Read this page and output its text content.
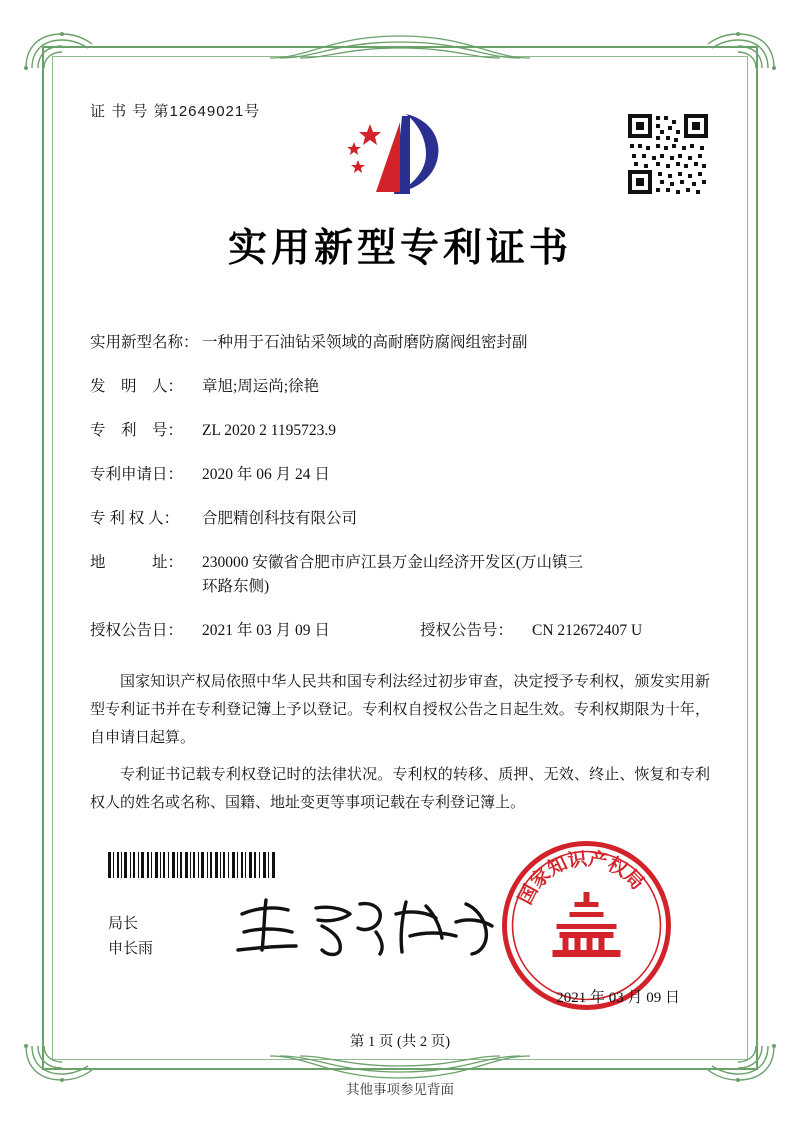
证 书 号 第12649021号
实用新型专利证书
实用新型名称： 一种用于石油钻采领域的高耐磨防腐阀组密封副
发　明　人：	章旭;周运尚;徐艳
专　利　号：	ZL 2020 2 1195723.9
专利申请日：	2020 年 06 月 24 日
专 利 权 人：	合肥精创科技有限公司
地　　　址：	230000 安徽省合肥市庐江县万金山经济开发区(万山镇三
环路东侧)
授权公告日：	2021 年 03 月 09 日	授权公告号：	CN 212672407 U

国家知识产权局依照中华人民共和国专利法经过初步审查，决定授予专利权，颁发实用新型专利证书并在专利登记簿上予以登记。专利权自授权公告之日起生效。专利权期限为十年，自申请日起算。

专利证书记载专利权登记时的法律状况。专利权的转移、质押、无效、终止、恢复和专利权人的姓名或名称、国籍、地址变更等事项记载在专利登记簿上。

局长
申长雨
国
家
知
识
产
权
局
2021 年 03 月 09 日
第 1 页 (共 2 页)
其他事项参见背面
